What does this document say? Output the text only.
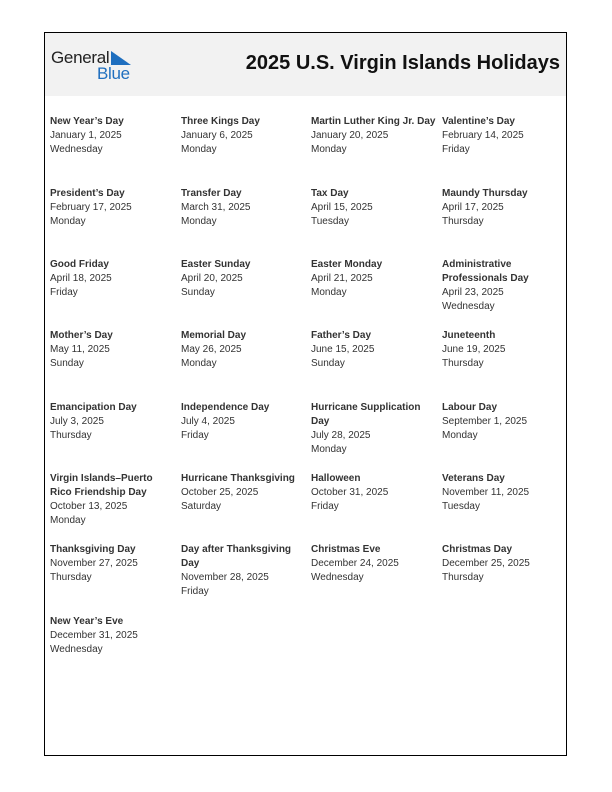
General
Blue	2025 U.S. Virgin Islands Holidays
New Year’s Day
January 1, 2025
Wednesday
Three Kings Day
January 6, 2025
Monday
Martin Luther King Jr. Day
January 20, 2025
Monday
Valentine’s Day
February 14, 2025
Friday
President’s Day
February 17, 2025
Monday
Transfer Day
March 31, 2025
Monday
Tax Day
April 15, 2025
Tuesday
Maundy Thursday
April 17, 2025
Thursday
Good Friday
April 18, 2025
Friday
Easter Sunday
April 20, 2025
Sunday
Easter Monday
April 21, 2025
Monday
Administrative Professionals Day
April 23, 2025
Wednesday
Mother’s Day
May 11, 2025
Sunday
Memorial Day
May 26, 2025
Monday
Father’s Day
June 15, 2025
Sunday
Juneteenth
June 19, 2025
Thursday
Emancipation Day
July 3, 2025
Thursday
Independence Day
July 4, 2025
Friday
Hurricane Supplication Day
July 28, 2025
Monday
Labour Day
September 1, 2025
Monday
Virgin Islands–Puerto Rico Friendship Day
October 13, 2025
Monday
Hurricane Thanksgiving
October 25, 2025
Saturday
Halloween
October 31, 2025
Friday
Veterans Day
November 11, 2025
Tuesday
Thanksgiving Day
November 27, 2025
Thursday
Day after Thanksgiving Day
November 28, 2025
Friday
Christmas Eve
December 24, 2025
Wednesday
Christmas Day
December 25, 2025
Thursday
New Year’s Eve
December 31, 2025
Wednesday
